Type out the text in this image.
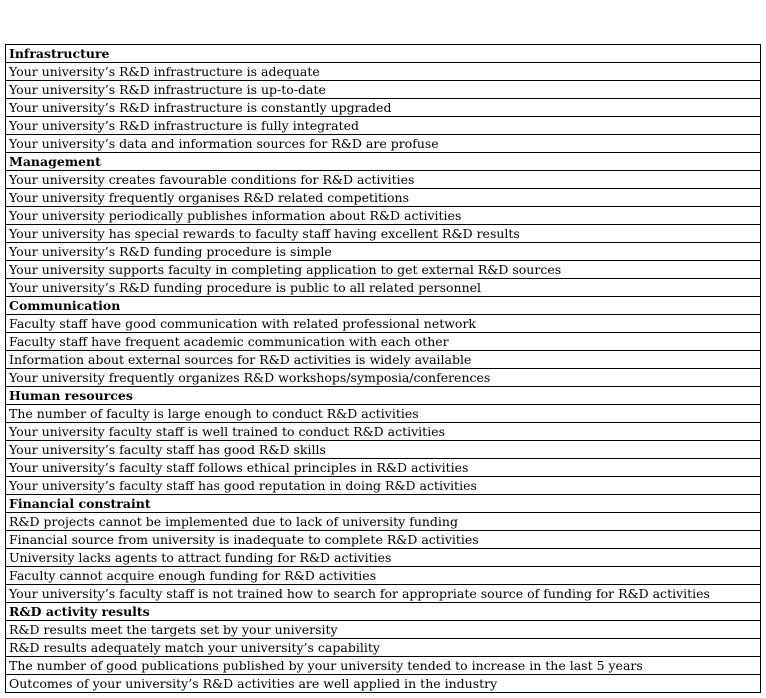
Infrastructure
Your university’s R&D infrastructure is adequate
Your university’s R&D infrastructure is up-to-date
Your university’s R&D infrastructure is constantly upgraded
Your university’s R&D infrastructure is fully integrated
Your university’s data and information sources for R&D are profuse
Management
Your university creates favourable conditions for R&D activities
Your university frequently organises R&D related competitions
Your university periodically publishes information about R&D activities
Your university has special rewards to faculty staff having excellent R&D results
Your university’s R&D funding procedure is simple
Your university supports faculty in completing application to get external R&D sources
Your university’s R&D funding procedure is public to all related personnel
Communication
Faculty staff have good communication with related professional network
Faculty staff have frequent academic communication with each other
Information about external sources for R&D activities is widely available
Your university frequently organizes R&D workshops/symposia/conferences
Human resources
The number of faculty is large enough to conduct R&D activities
Your university faculty staff is well trained to conduct R&D activities
Your university’s faculty staff has good R&D skills
Your university’s faculty staff follows ethical principles in R&D activities
Your university’s faculty staff has good reputation in doing R&D activities
Financial constraint
R&D projects cannot be implemented due to lack of university funding
Financial source from university is inadequate to complete R&D activities
University lacks agents to attract funding for R&D activities
Faculty cannot acquire enough funding for R&D activities
Your university’s faculty staff is not trained how to search for appropriate source of funding for R&D activities
R&D activity results
R&D results meet the targets set by your university
R&D results adequately match your university’s capability
The number of good publications published by your university tended to increase in the last 5 years
Outcomes of your university’s R&D activities are well applied in the industry
